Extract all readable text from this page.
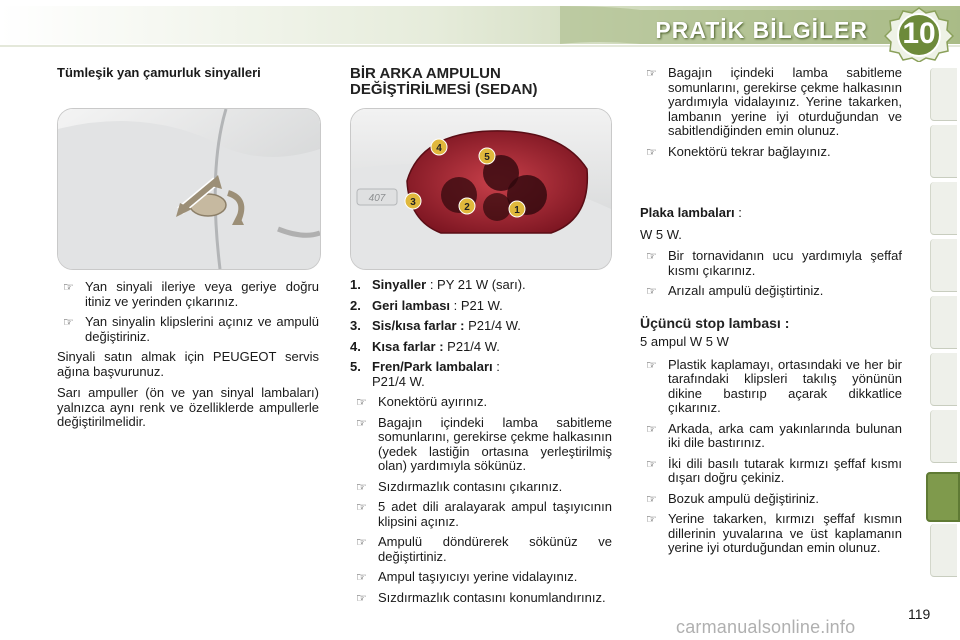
PRATİK BİLGİLER	10
Tümleşik yan çamurluk sinyalleri
☞ Yan sinyali ileriye veya geriye doğru itiniz ve yerinden çıkarınız.
☞ Yan sinyalin klipslerini açınız ve ampulü değiştiriniz.

Sinyali satın almak için PEUGEOT servis ağına başvurunuz.

Sarı ampuller (ön ve yan sinyal lambaları) yalnızca aynı renk ve özelliklerde ampullerle değiştirilmelidir.

BİR ARKA AMPULUN
DEĞİŞTİRİLMESİ (SEDAN)
4
5
3	2	1
407
1. Sinyaller : PY 21 W (sarı).
2. Geri lambası : P21 W.
3. Sis/kısa farlar : P21/4 W.
4. Kısa farlar : P21/4 W.
5. Fren/Park lambaları :
P21/4 W.
☞ Konektörü ayırınız.
☞ Bagajın içindeki lamba sabitleme somunlarını, gerekirse çekme halkasının (yedek lastiğin ortasına yerleştirilmiş olan) yardımıyla sökünüz.
☞ Sızdırmazlık contasını çıkarınız.
☞ 5 adet dili aralayarak ampul taşıyıcının klipsini açınız.
☞ Ampulü döndürerek sökünüz ve değiştirtiniz.
☞ Ampul taşıyıcıyı yerine vidalayınız.
☞ Sızdırmazlık contasını konumlandırınız.
☞ Bagajın içindeki lamba sabitleme somunlarını, gerekirse çekme halkasının yardımıyla vidalayınız. Yerine takarken, lambanın yerine iyi oturduğundan ve sabitlendiğinden emin olunuz.
☞ Konektörü tekrar bağlayınız.

Plaka lambaları :

W 5 W.

☞ Bir tornavidanın ucu yardımıyla şeffaf kısmı çıkarınız.
☞ Arızalı ampulü değiştirtiniz.
Üçüncü stop lambası :

5 ampul W 5 W

☞ Plastik kaplamayı, ortasındaki ve her bir tarafındaki klipsleri takılış yönünün dikine bastırıp açarak dikkatlice çıkarınız.
☞ Arkada, arka cam yakınlarında bulunan iki dile bastırınız.
☞ İki dili basılı tutarak kırmızı şeffaf kısmı dışarı doğru çekiniz.
☞ Bozuk ampulü değiştiriniz.
☞ Yerine takarken, kırmızı şeffaf kısmın dillerinin yuvalarına ve üst kaplamanın yerine iyi oturduğundan emin olunuz.
119
carmanualsonline.info
